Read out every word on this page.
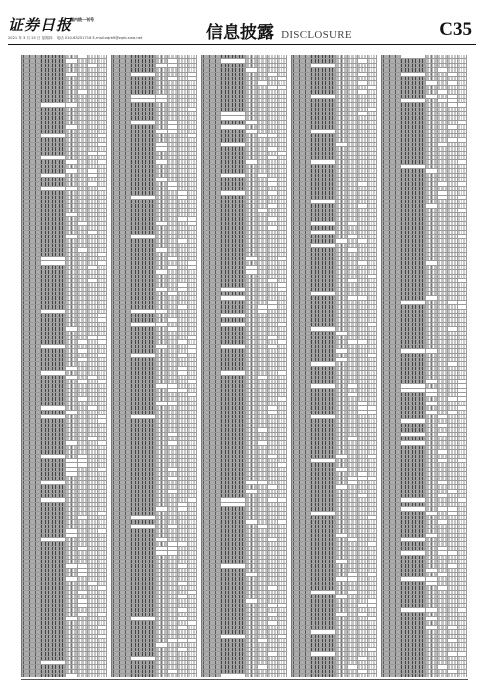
证券日报
国内统一刊号
2021 年 3 月 25 日 星期四 电话 010-83251716 E-mail:zqrb9@zqrb.sina.net	信息披露 DISCLOSURE	C35
